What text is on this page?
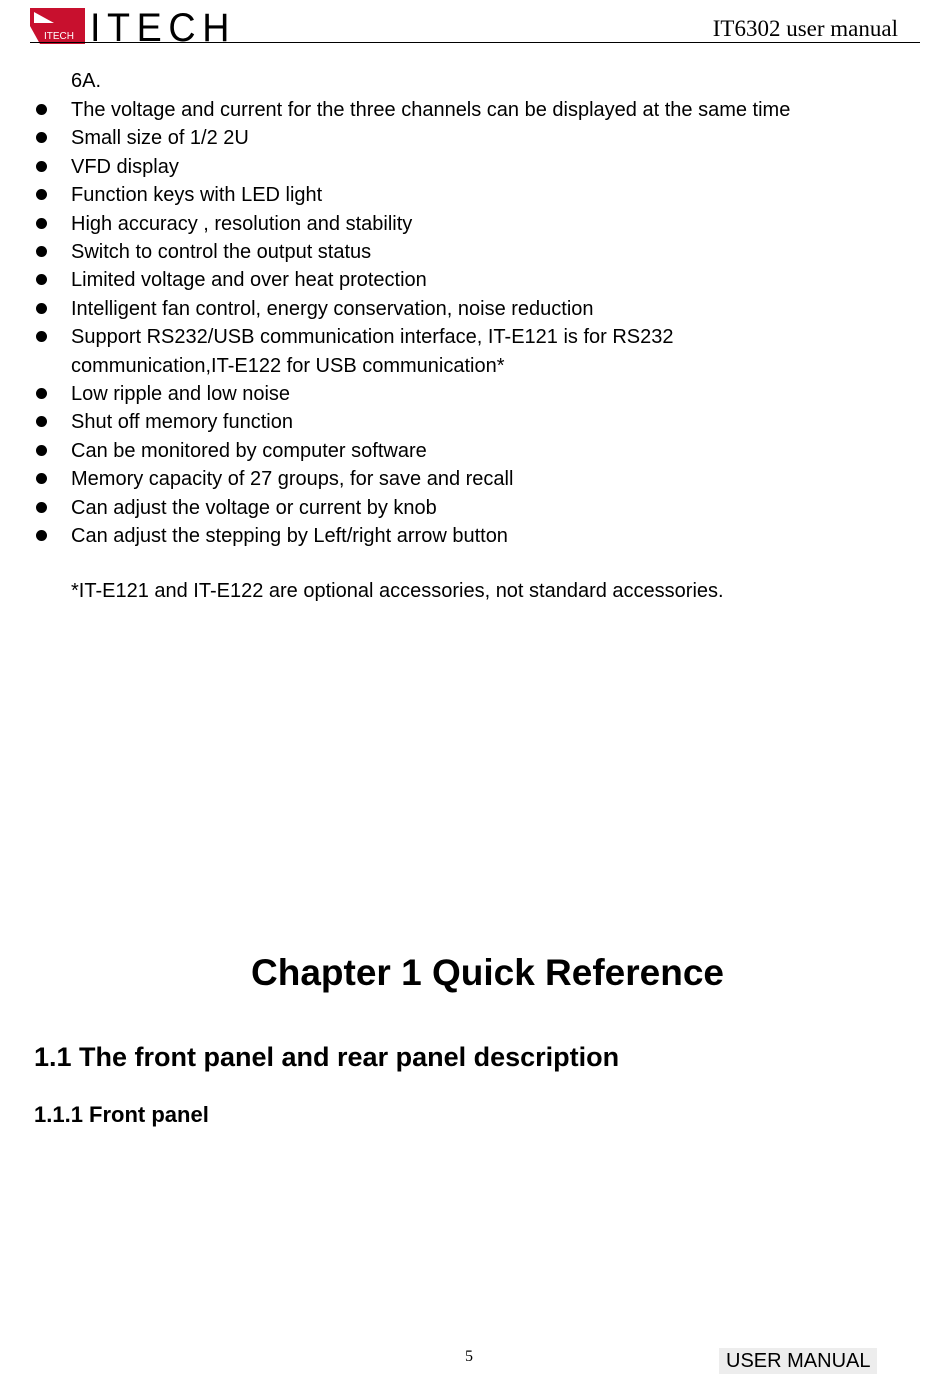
ITECH ITECH	IT6302 user manual
6A.
The voltage and current for the three channels can be displayed at the same time
Small size of 1/2 2U
VFD display
Function keys with LED light
High accuracy , resolution and stability
Switch to control the output status
Limited voltage and over heat protection
Intelligent fan control, energy conservation, noise reduction
Support RS232/USB communication interface, IT-E121 is for RS232
communication,IT-E122 for USB communication*
Low ripple and low noise
Shut off memory function
Can be monitored by computer software
Memory capacity of 27 groups, for save and recall
Can adjust the voltage or current by knob
Can adjust the stepping by Left/right arrow button
*IT-E121 and IT-E122 are optional accessories, not standard accessories.
Chapter 1 Quick Reference
1.1 The front panel and rear panel description
1.1.1 Front panel
5	USER MANUAL
